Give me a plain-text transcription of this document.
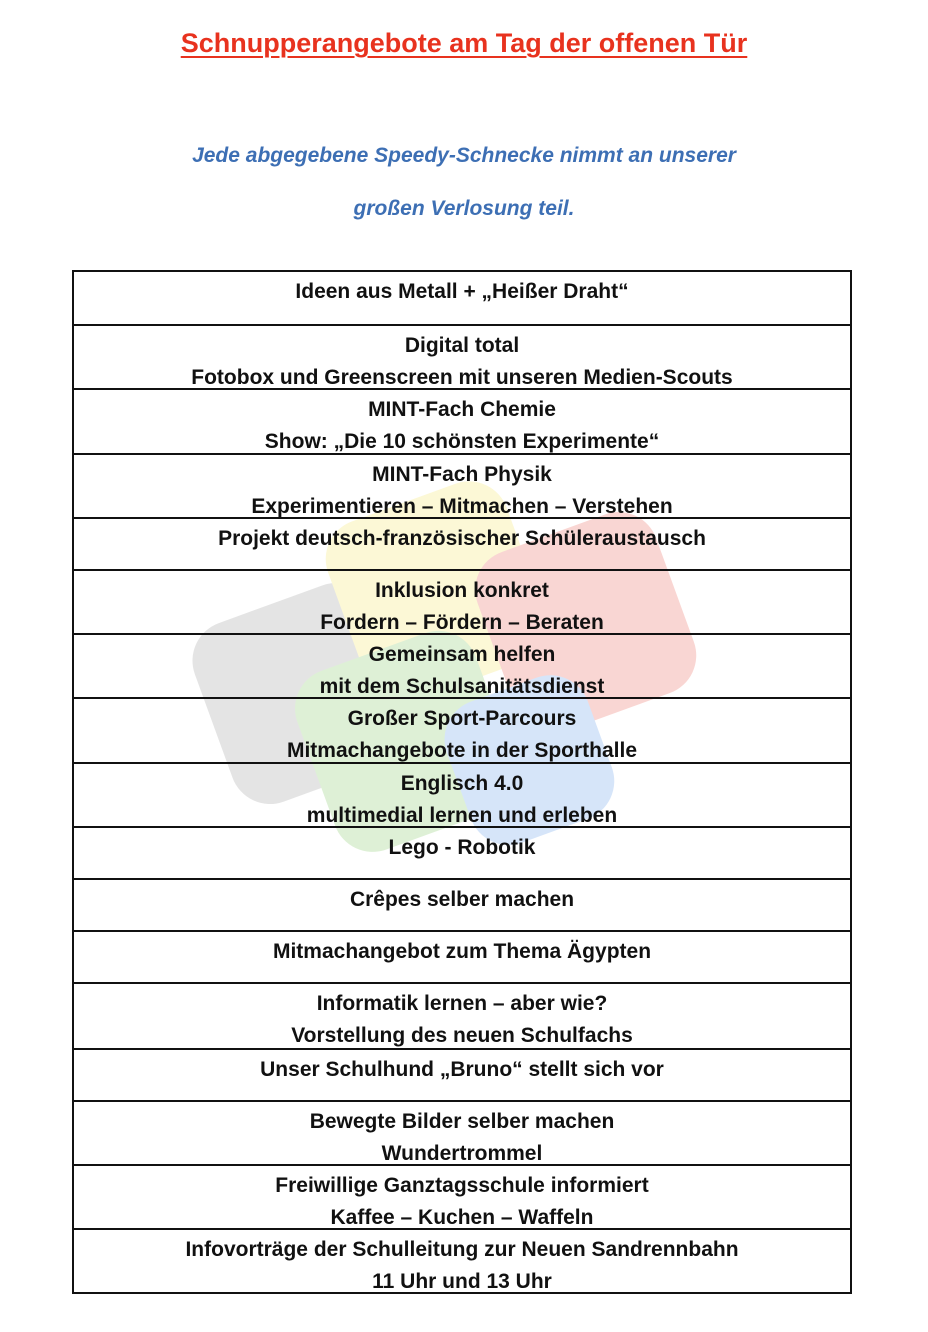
Schnupperangebote am Tag der offenen Tür
Jede abgegebene Speedy-Schnecke nimmt an unserer
großen Verlosung teil.
Ideen aus Metall + „Heißer Draht“
Digital total
Fotobox und Greenscreen mit unseren Medien-Scouts
MINT-Fach Chemie
Show: „Die 10 schönsten Experimente“
MINT-Fach Physik
Experimentieren – Mitmachen – Verstehen
Projekt deutsch-französischer Schüleraustausch
Inklusion konkret
Fordern – Fördern – Beraten
Gemeinsam helfen
mit dem Schulsanitätsdienst
Großer Sport-Parcours
Mitmachangebote in der Sporthalle
Englisch 4.0
multimedial lernen und erleben
Lego - Robotik
Crêpes selber machen
Mitmachangebot zum Thema Ägypten
Informatik lernen – aber wie?
Vorstellung des neuen Schulfachs
Unser Schulhund „Bruno“ stellt sich vor
Bewegte Bilder selber machen
Wundertrommel
Freiwillige Ganztagsschule informiert
Kaffee – Kuchen – Waffeln
Infovorträge der Schulleitung zur Neuen Sandrennbahn
11 Uhr und 13 Uhr
